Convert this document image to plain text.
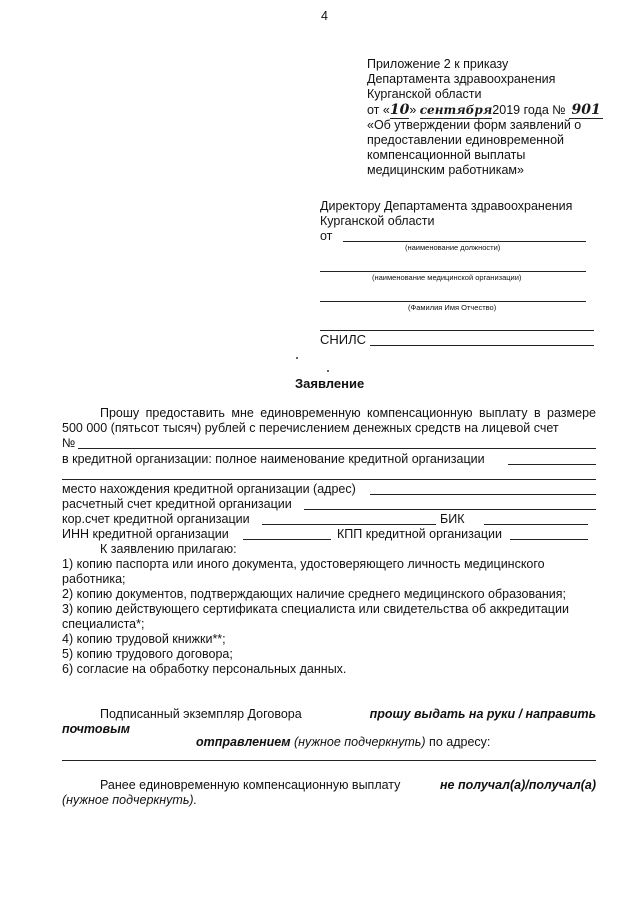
4
Приложение 2 к приказу
Департамента здравоохранения
Курганской области
от «10» сентября2019 года № 901
«Об утверждении форм заявлений о
предоставлении единовременной
компенсационной выплаты
медицинским работникам»
Директору Департамента здравоохранения
Курганской области
от
(наименование должности)
(наименование медицинской организации)
(Фамилия Имя Отчество)
СНИЛС
Заявление
Прошу предоставить мне единовременную компенсационную выплату в размере 500 000 (пятьсот тысяч) рублей с перечислением денежных средств на лицевой счет
№
в кредитной организации: полное наименование кредитной организации
место нахождения кредитной организации (адрес)
расчетный счет кредитной организации
кор.счет кредитной организации	БИК
ИНН кредитной организации	КПП кредитной организации
К заявлению прилагаю:
1) копию паспорта или иного документа, удостоверяющего личность медицинского
работника;
2) копию документов, подтверждающих наличие среднего медицинского образования;
3) копию действующего сертификата специалиста или свидетельства об аккредитации
специалиста*;
4) копию трудовой книжки**;
5) копию трудового договора;
6) согласие на обработку персональных данных.
Подписанный экземпляр Договора	прошу выдать на руки / направить
почтовым
отправлением (нужное подчеркнуть) по адресу:
Ранее единовременную компенсационную выплату	не получал(а)/получал(а)
(нужное подчеркнуть).
